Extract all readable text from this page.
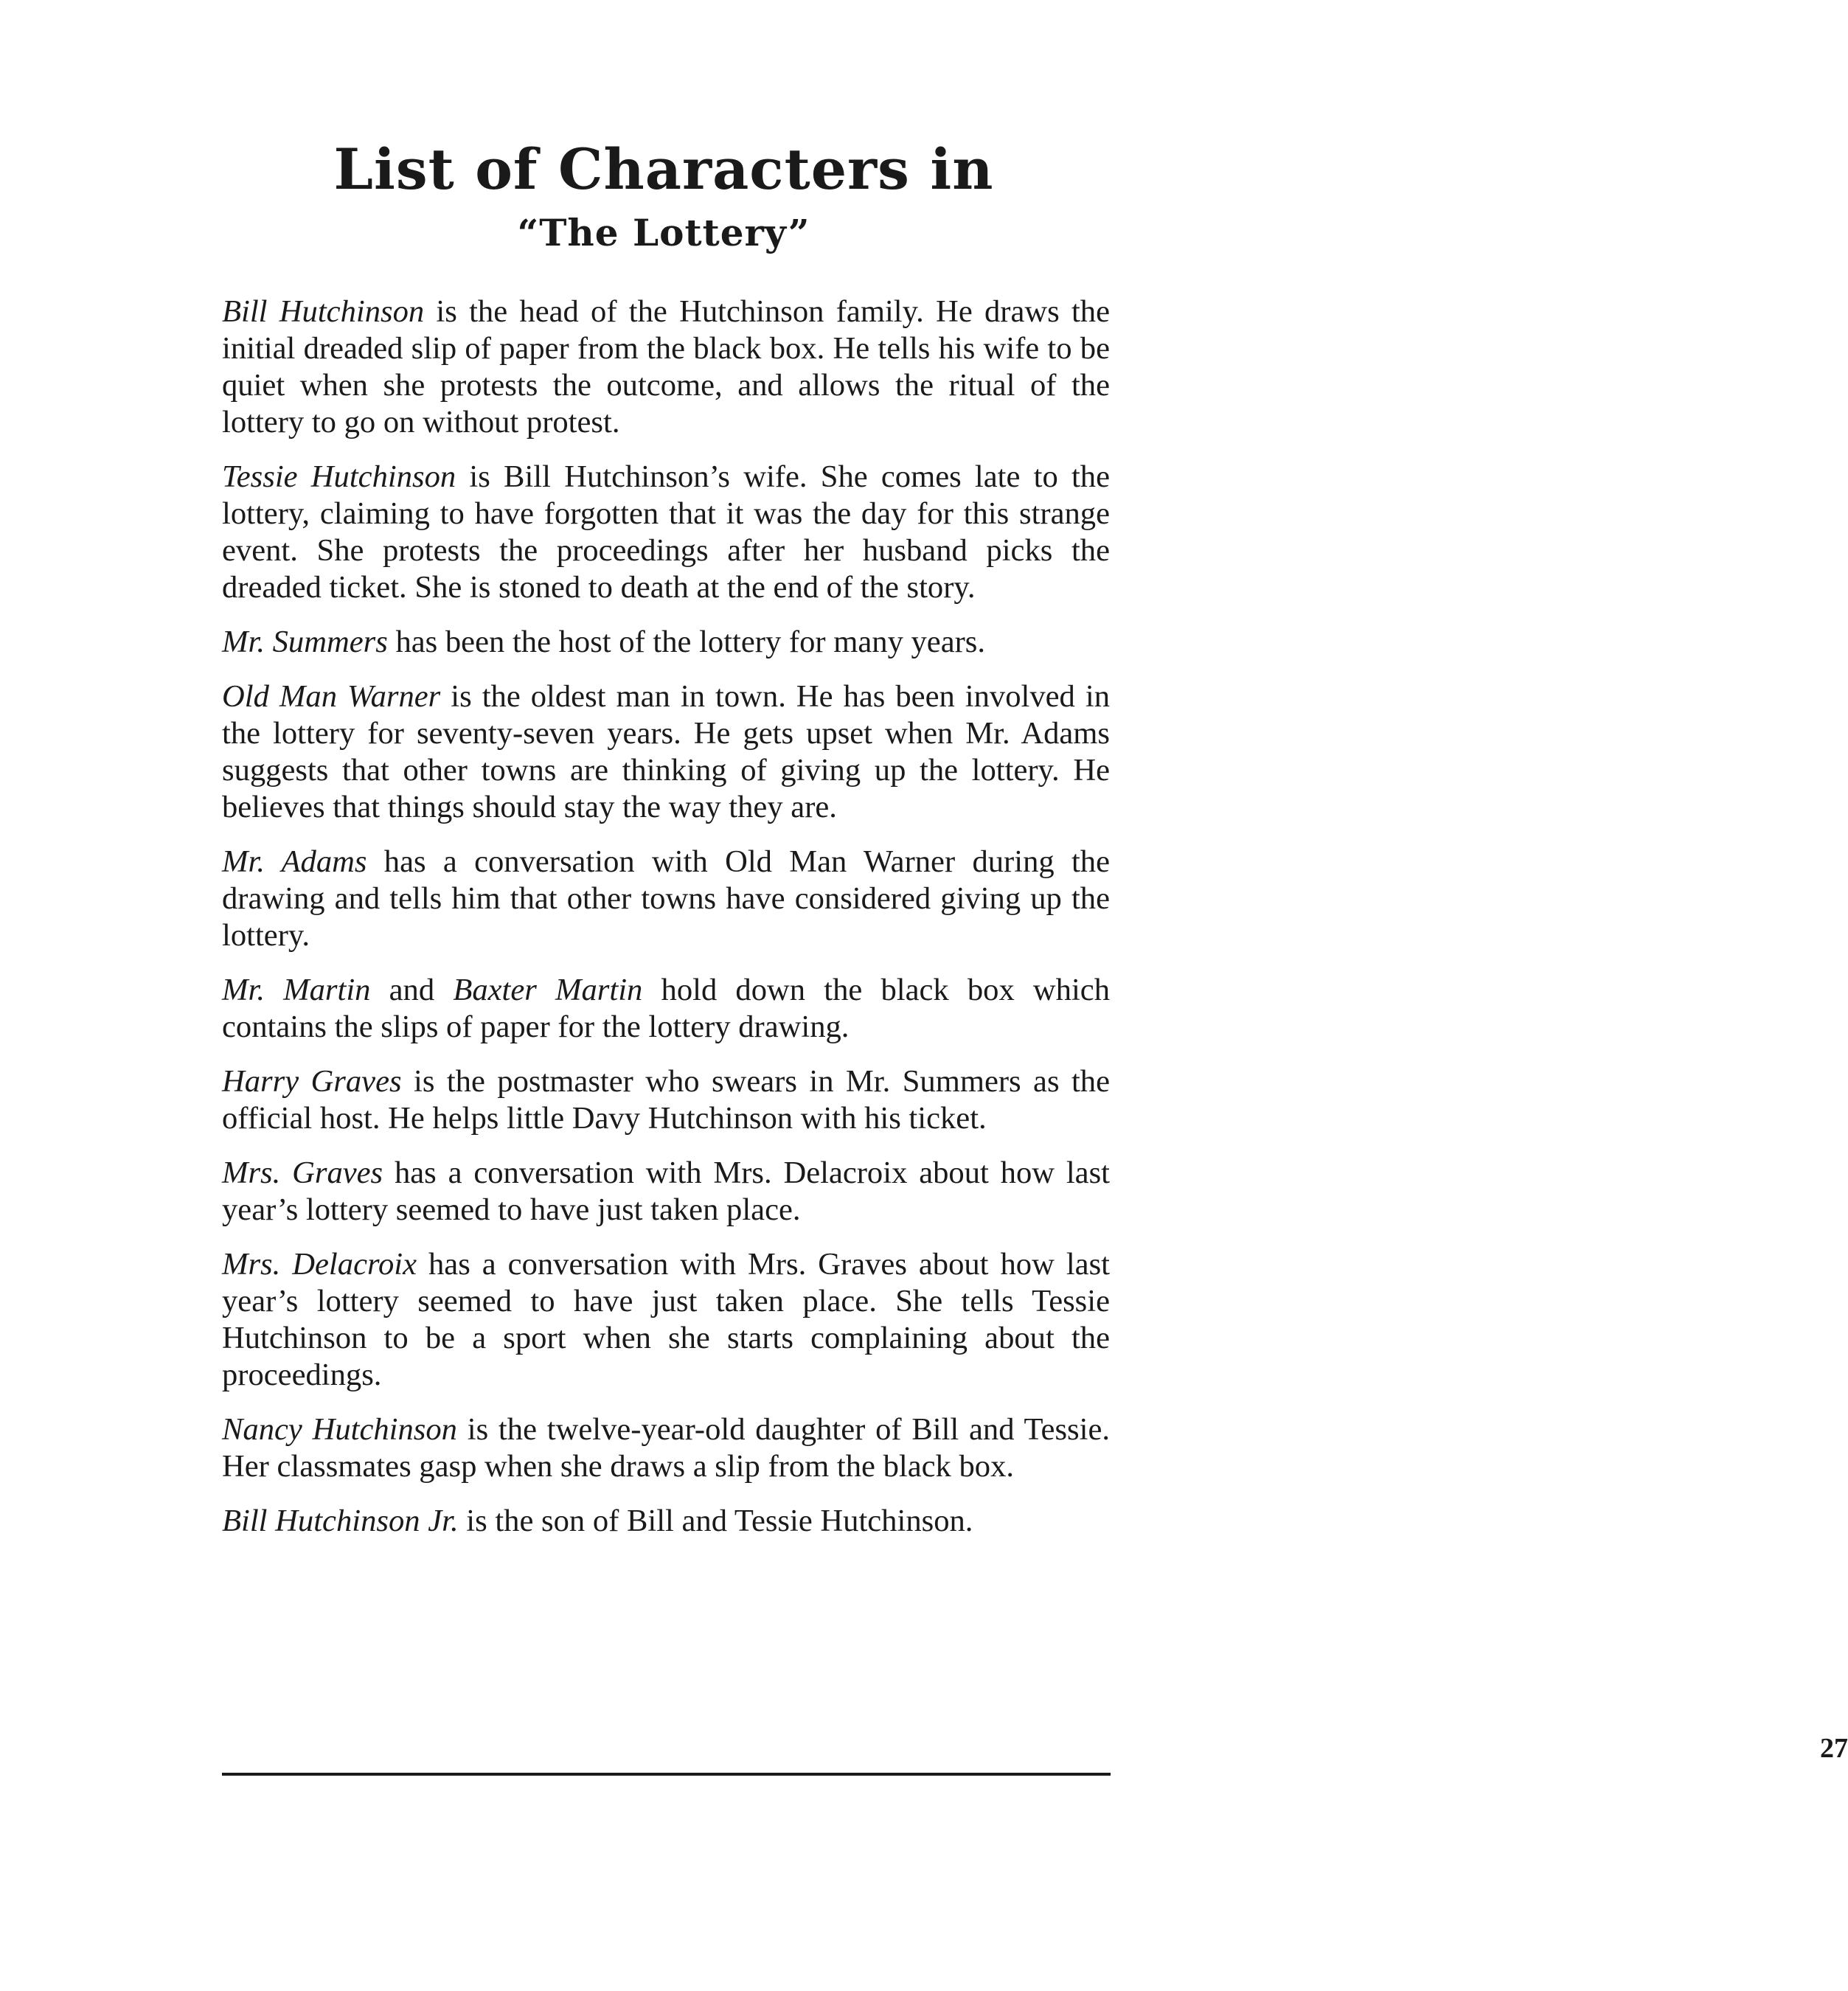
List of Characters in
“The Lottery”

Bill Hutchinson is the head of the Hutchinson family. He draws the initial dreaded slip of paper from the black box. He tells his wife to be quiet when she protests the outcome, and allows the ritual of the lottery to go on without protest.

Tessie Hutchinson is Bill Hutchinson’s wife. She comes late to the lottery, claiming to have forgotten that it was the day for this strange event. She protests the proceedings after her husband picks the dreaded ticket. She is stoned to death at the end of the story.

Mr. Summers has been the host of the lottery for many years.

Old Man Warner is the oldest man in town. He has been involved in the lottery for seventy-seven years. He gets upset when Mr. Adams suggests that other towns are thinking of giving up the lottery. He believes that things should stay the way they are.

Mr. Adams has a conversation with Old Man Warner during the drawing and tells him that other towns have considered giving up the lottery.

Mr. Martin and Baxter Martin hold down the black box which contains the slips of paper for the lottery drawing.

Harry Graves is the postmaster who swears in Mr. Summers as the official host. He helps little Davy Hutchinson with his ticket.

Mrs. Graves has a conversation with Mrs. Delacroix about how last year’s lottery seemed to have just taken place.

Mrs. Delacroix has a conversation with Mrs. Graves about how last year’s lottery seemed to have just taken place. She tells Tessie Hutchinson to be a sport when she starts complaining about the proceedings.

Nancy Hutchinson is the twelve-year-old daughter of Bill and Tessie. Her classmates gasp when she draws a slip from the black box.

Bill Hutchinson Jr. is the son of Bill and Tessie Hutchinson.

27
